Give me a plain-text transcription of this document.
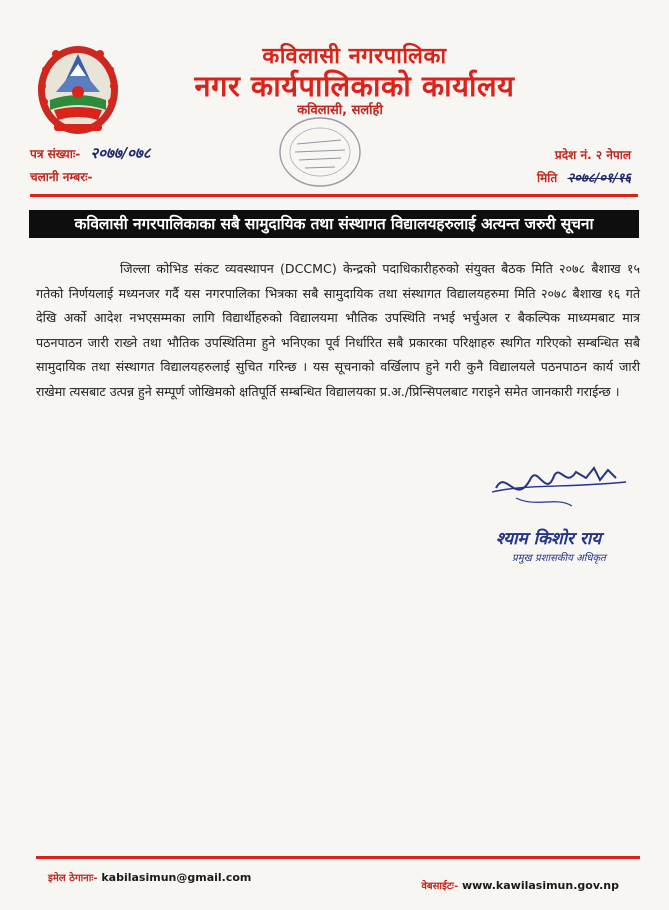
कविलासी नगरपालिका
नगर कार्यपालिकाको कार्यालय
कविलासी, सर्लाही
पत्र संख्याः- २०७७/०७८
चलानी नम्बरः-
प्रदेश नं. २ नेपाल
मिति २०७८/०१/१६
कविलासी नगरपालिकाका सबै सामुदायिक तथा संस्थागत विद्यालयहरुलाई अत्यन्त जरुरी सूचना
जिल्ला कोभिड संकट व्यवस्थापन (DCCMC) केन्द्रको पदाधिकारीहरुको संयुक्त बैठक मिति २०७८ बैशाख १५ गतेको निर्णयलाई मध्यनजर गर्दै यस नगरपालिका भित्रका सबै सामुदायिक तथा संस्थागत विद्यालयहरुमा मिति २०७८ बैशाख १६ गते देखि अर्को आदेश नभएसम्मका लागि विद्यार्थीहरुको विद्यालयमा भौतिक उपस्थिति नभई भर्चुअल र बैकल्पिक माध्यमबाट मात्र पठनपाठन जारी राख्ने तथा भौतिक उपस्थितिमा हुने भनिएका पूर्व निर्धारित सबै प्रकारका परिक्षाहरु स्थगित गरिएको सम्बन्धित सबै सामुदायिक तथा संस्थागत विद्यालयहरुलाई सुचित गरिन्छ । यस सूचनाको वर्खिलाप हुने गरी कुनै विद्यालयले पठनपाठन कार्य जारी राखेमा त्यसबाट उत्पन्न हुने सम्पूर्ण जोखिमको क्षतिपूर्ति सम्बन्धित विद्यालयका प्र.अ./प्रिन्सिपलबाट गराइने समेत जानकारी गराईन्छ ।
श्याम किशोर राय
प्रमुख प्रशासकीय अधिकृत
इमेल ठेगानाः- kabilasimun@gmail.com
वेबसाईटः- www.kawilasimun.gov.np
